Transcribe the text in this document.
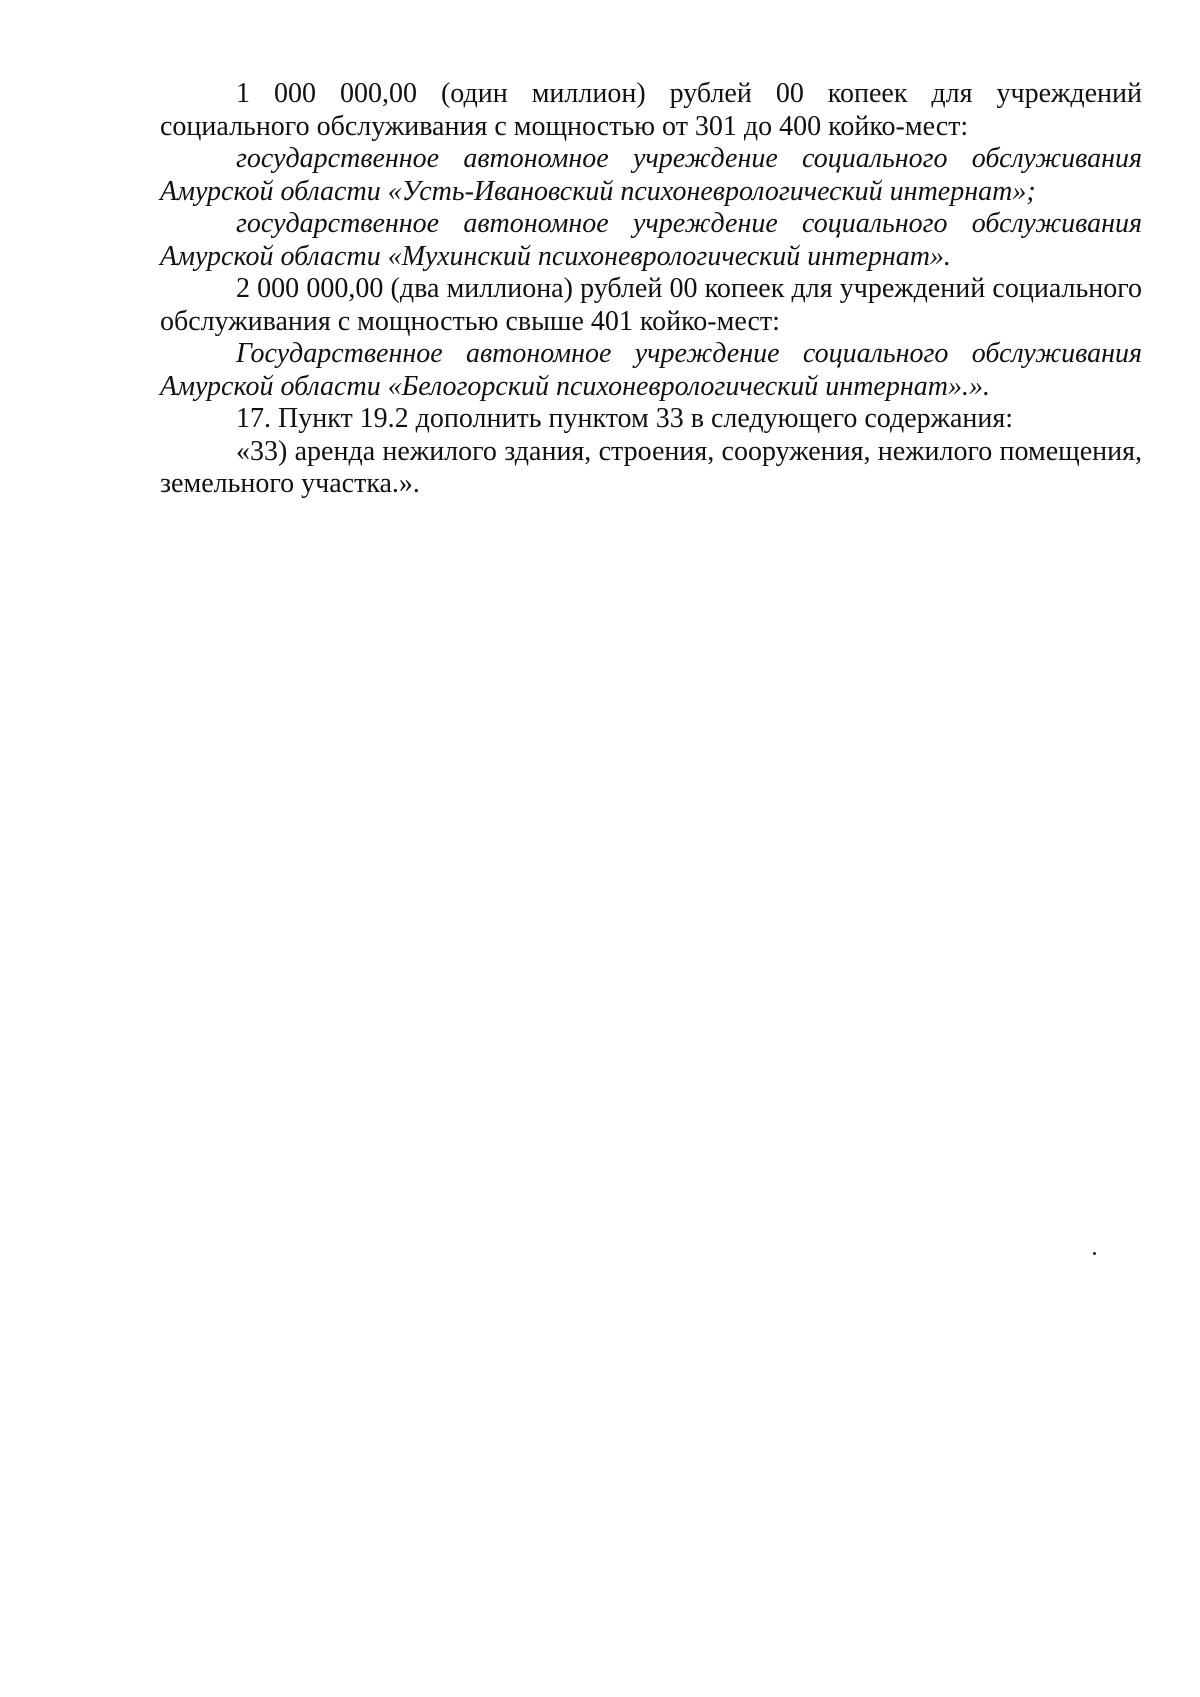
1 000 000,00 (один миллион) рублей 00 копеек для учреждений социального обслуживания с мощностью от 301 до 400 койко-мест:

государственное автономное учреждение социального обслуживания Амурской области «Усть-Ивановский психоневрологический интернат»;

государственное автономное учреждение социального обслуживания Амурской области «Мухинский психоневрологический интернат».

2 000 000,00 (два миллиона) рублей 00 копеек для учреждений социального обслуживания с мощностью свыше 401 койко-мест:

Государственное автономное учреждение социального обслуживания Амурской области «Белогорский психоневрологический интернат».».

17. Пункт 19.2 дополнить пунктом 33 в следующего содержания:

«33) аренда нежилого здания, строения, сооружения, нежилого помещения, земельного участка.».
